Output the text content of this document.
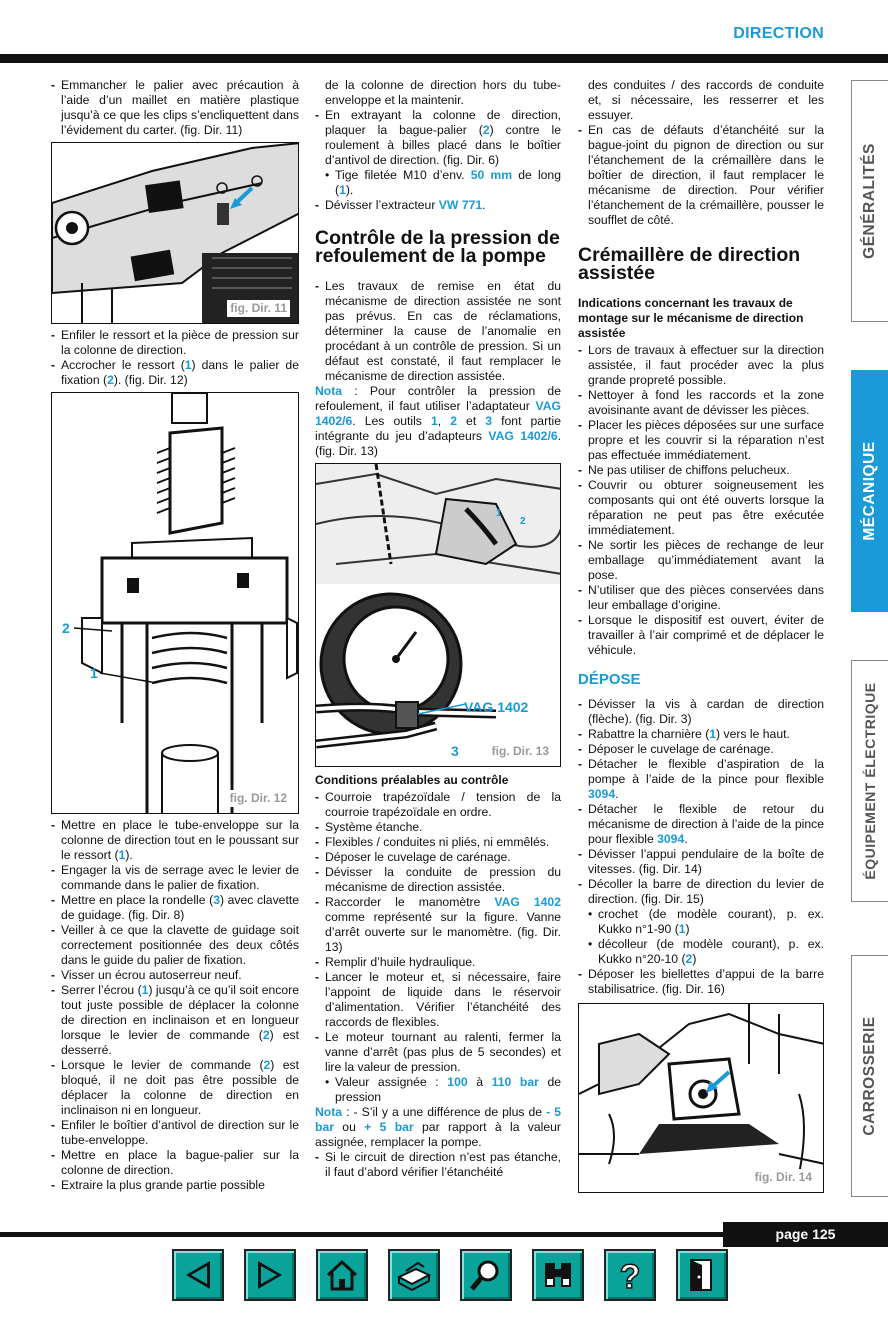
DIRECTION
GÉNÉRALITÉS
MÉCANIQUE
ÉQUIPEMENT ÉLECTRIQUE
CARROSSERIE

- Emmancher le palier avec précaution à l’aide d’un maillet en matière plastique jusqu’à ce que les clips s’encliquettent dans l’évidement du carter. (fig. Dir. 11)

fig. Dir. 11

- Enfiler le ressort et la pièce de pression sur la colonne de direction.

- Accrocher le ressort (1) dans le palier de fixation (2). (fig. Dir. 12)

2
1
fig. Dir. 12

- Mettre en place le tube-enveloppe sur la colonne de direction tout en le poussant sur le ressort (1).

- Engager la vis de serrage avec le levier de commande dans le palier de fixation.

- Mettre en place la rondelle (3) avec clavette de guidage. (fig. Dir. 8)

- Veiller à ce que la clavette de guidage soit correctement positionnée des deux côtés dans le guide du palier de fixation.

- Visser un écrou autoserreur neuf.

- Serrer l’écrou (1) jusqu’à ce qu’il soit encore tout juste possible de déplacer la colonne de direction en inclinaison et en longueur lorsque le levier de commande (2) est desserré.

- Lorsque le levier de commande (2) est bloqué, il ne doit pas être possible de déplacer la colonne de direction en inclinaison ni en longueur.

- Enfiler le boîtier d’antivol de direction sur le tube-enveloppe.

- Mettre en place la bague-palier sur la colonne de direction.

- Extraire la plus grande partie possible

de la colonne de direction hors du tube-enveloppe et la maintenir.

- En extrayant la colonne de direction, plaquer la bague-palier (2) contre le roulement à billes placé dans le boîtier d’antivol de direction. (fig. Dir. 6)

• Tige filetée M10 d’env. 50 mm de long (1).

- Dévisser l’extracteur VW 771.

Contrôle de la pression de refoulement de la pompe

- Les travaux de remise en état du mécanisme de direction assistée ne sont pas prévus. En cas de réclamations, déterminer la cause de l’anomalie en procédant à un contrôle de pression. Si un défaut est constaté, il faut remplacer le mécanisme de direction assistée.

Nota : Pour contrôler la pression de refoulement, il faut utiliser l’adaptateur VAG 1402/6. Les outils 1, 2 et 3 font partie intégrante du jeu d’adapteurs VAG 1402/6. (fig. Dir. 13)

VAG 1402
3
1
2
fig. Dir. 13
Conditions préalables au contrôle

- Courroie trapézoïdale / tension de la courroie trapézoïdale en ordre.

- Système étanche.

- Flexibles / conduites ni pliés, ni emmêlés.

- Déposer le cuvelage de carénage.

- Dévisser la conduite de pression du mécanisme de direction assistée.

- Raccorder le manomètre VAG 1402 comme représenté sur la figure. Vanne d’arrêt ouverte sur le manomètre. (fig. Dir. 13)

- Remplir d’huile hydraulique.

- Lancer le moteur et, si nécessaire, faire l’appoint de liquide dans le réservoir d’alimentation. Vérifier l’étanchéité des raccords de flexibles.

- Le moteur tournant au ralenti, fermer la vanne d’arrêt (pas plus de 5 secondes) et lire la valeur de pression.

• Valeur assignée : 100 à 110 bar de pression

Nota : - S’il y a une différence de plus de - 5 bar ou + 5 bar par rapport à la valeur assignée, remplacer la pompe.

- Si le circuit de direction n’est pas étanche, il faut d’abord vérifier l’étanchéité

des conduites / des raccords de conduite et, si nécessaire, les resserrer et les essuyer.

- En cas de défauts d’étanchéité sur la bague-joint du pignon de direction ou sur l’étanchement de la crémaillère dans le boîtier de direction, il faut remplacer le mécanisme de direction. Pour vérifier l’étanchement de la crémaillère, pousser le soufflet de côté.

Crémaillère de direction assistée
Indications concernant les travaux de montage sur le mécanisme de direction assistée

- Lors de travaux à effectuer sur la direction assistée, il faut procéder avec la plus grande propreté possible.

- Nettoyer à fond les raccords et la zone avoisinante avant de dévisser les pièces.

- Placer les pièces déposées sur une surface propre et les couvrir si la réparation n’est pas effectuée immédiatement.

- Ne pas utiliser de chiffons pelucheux.

- Couvrir ou obturer soigneusement les composants qui ont été ouverts lorsque la réparation ne peut pas être exécutée immédiatement.

- Ne sortir les pièces de rechange de leur emballage qu’immédiatement avant la pose.

- N’utiliser que des pièces conservées dans leur emballage d’origine.

- Lorsque le dispositif est ouvert, éviter de travailler à l’air comprimé et de déplacer le véhicule.

DÉPOSE

- Dévisser la vis à cardan de direction (flèche). (fig. Dir. 3)

- Rabattre la charnière (1) vers le haut.

- Déposer le cuvelage de carénage.

- Détacher le flexible d’aspiration de la pompe à l’aide de la pince pour flexible 3094.

- Détacher le flexible de retour du mécanisme de direction à l’aide de la pince pour flexible 3094.

- Dévisser l’appui pendulaire de la boîte de vitesses. (fig. Dir. 14)

- Décoller la barre de direction du levier de direction. (fig. Dir. 15)

• crochet (de modèle courant), p. ex. Kukko n°1-90 (1)

• décolleur (de modèle courant), p. ex. Kukko n°20-10 (2)

- Déposer les biellettes d’appui de la barre stabilisatrice. (fig. Dir. 16)

fig. Dir. 14
page 125
?
